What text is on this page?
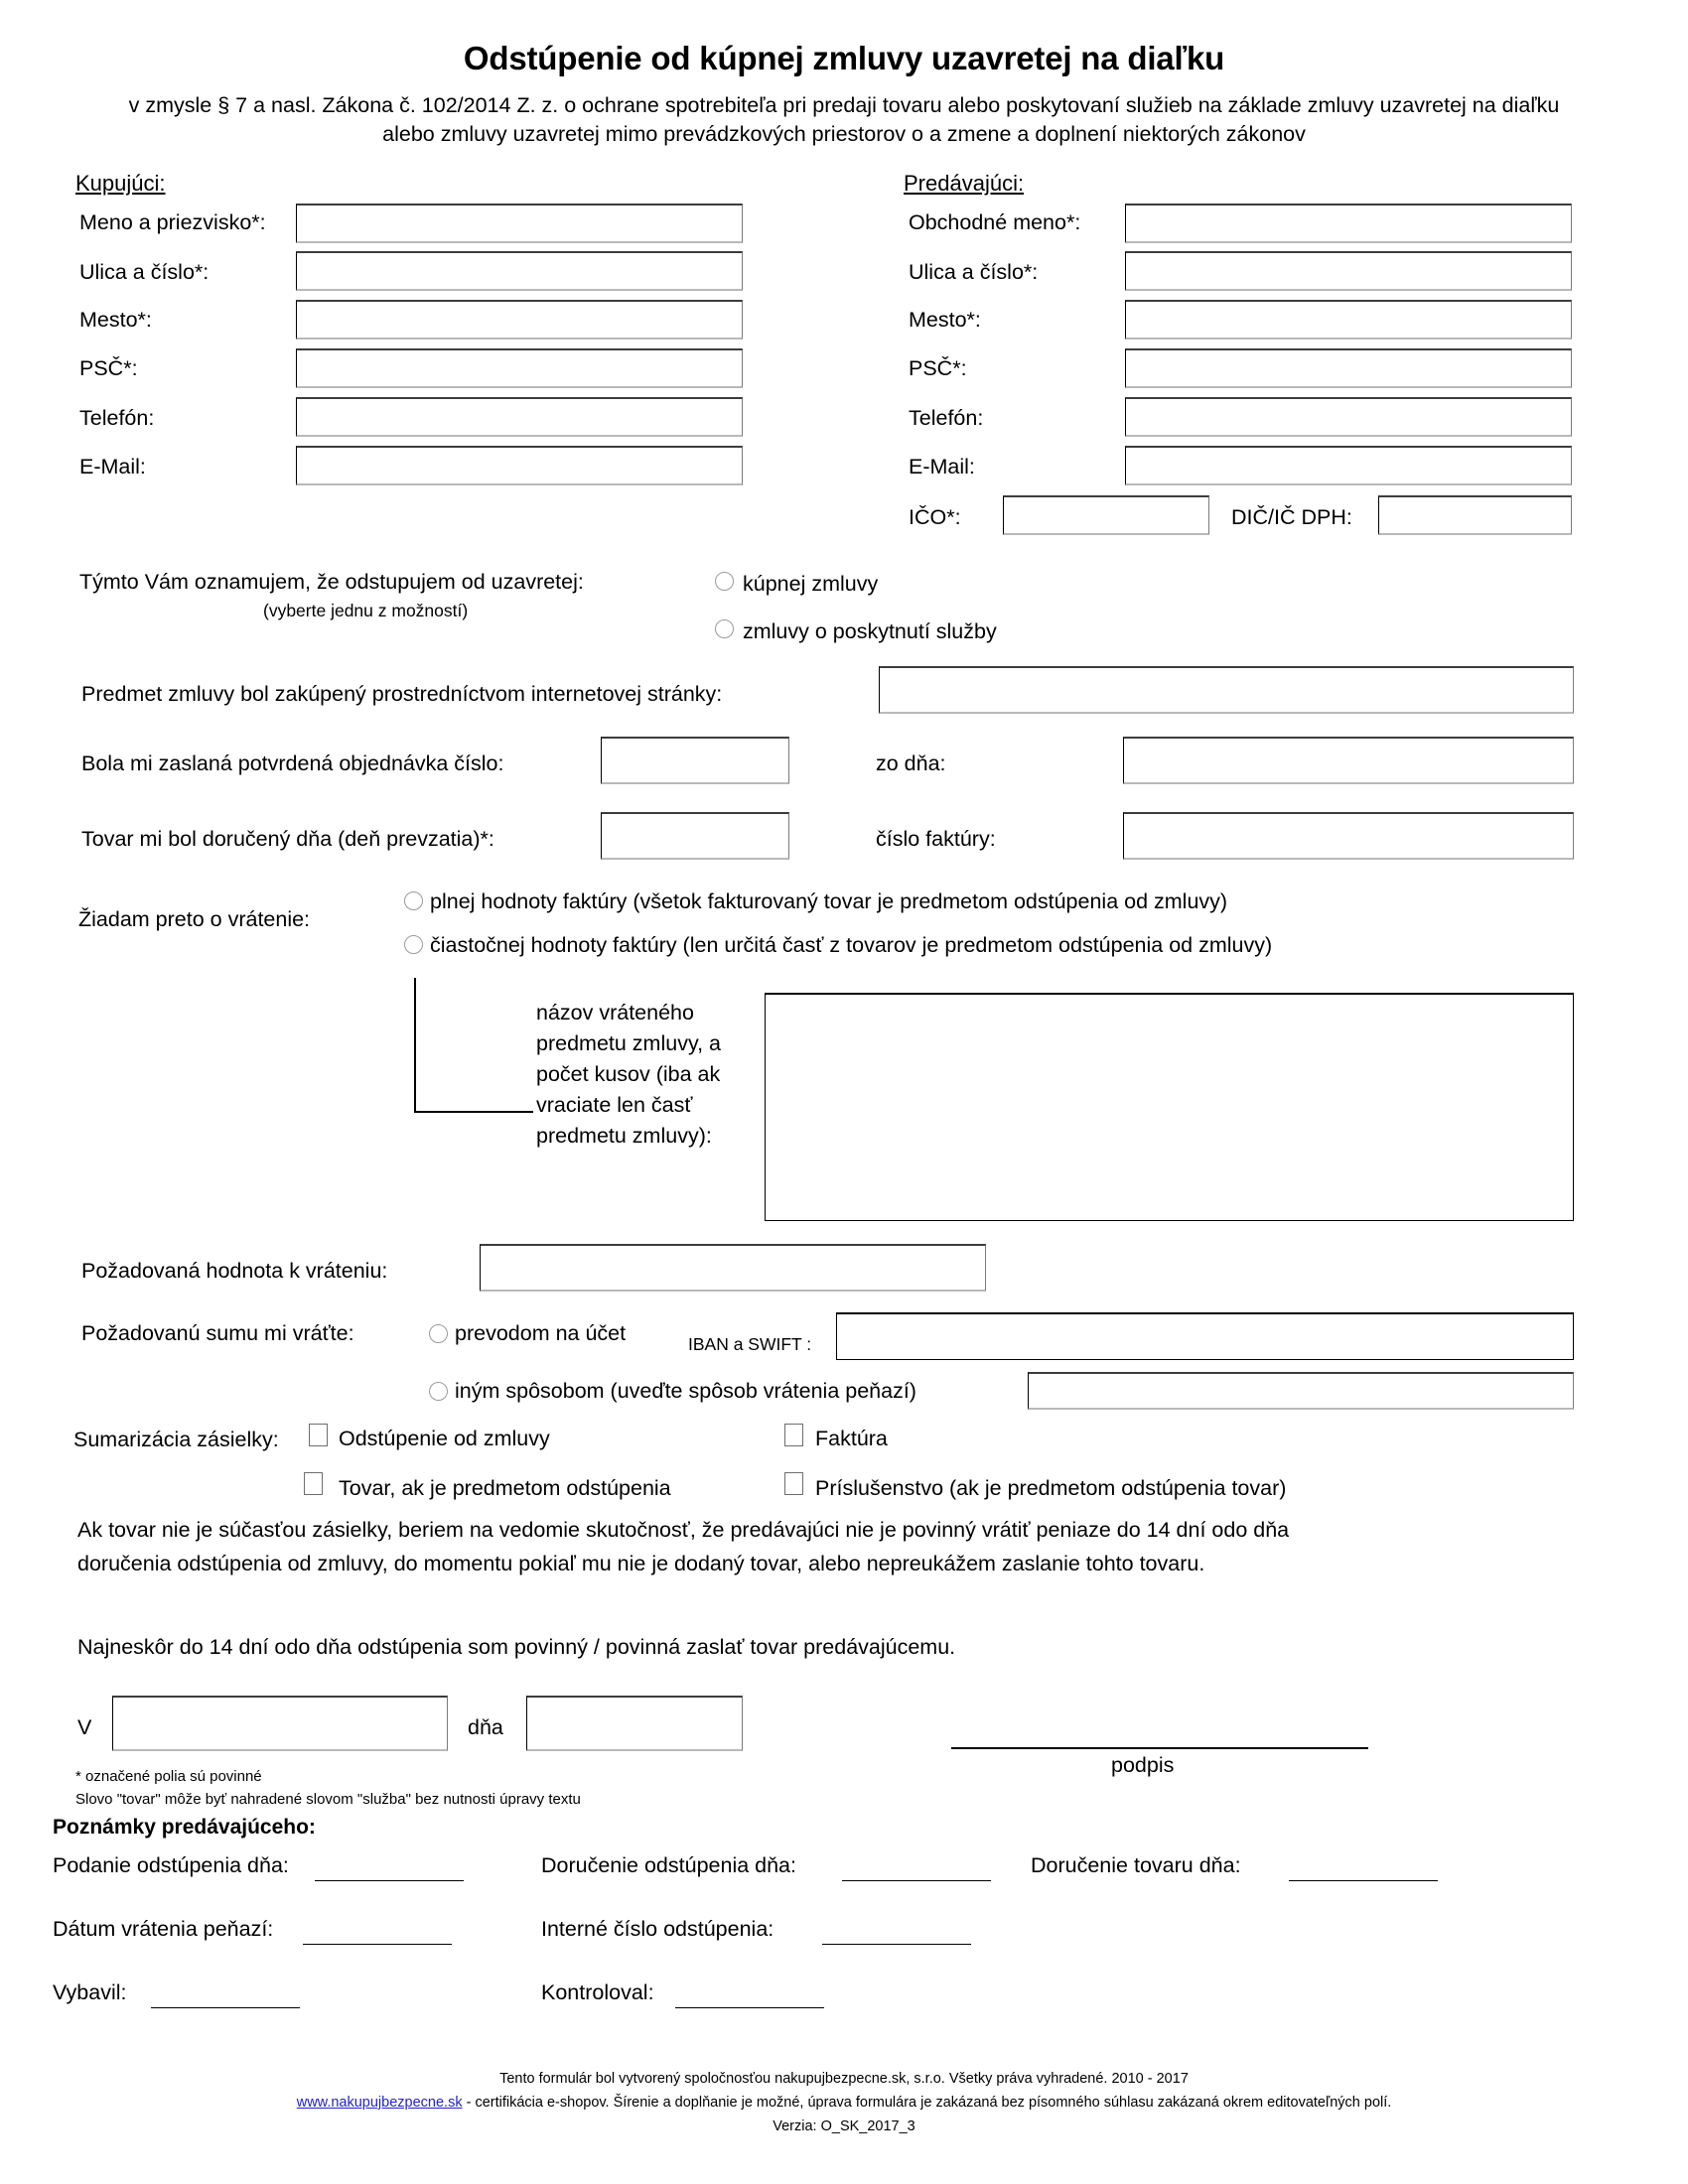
Odstúpenie od kúpnej zmluvy uzavretej na diaľku
v zmysle § 7 a nasl. Zákona č. 102/2014 Z. z. o ochrane spotrebiteľa pri predaji tovaru alebo poskytovaní služieb na základe zmluvy uzavretej na diaľku
alebo zmluvy uzavretej mimo prevádzkových priestorov o a zmene a doplnení niektorých zákonov
Kupujúci:
Meno a priezvisko*:
Ulica a číslo*:
Mesto*:
PSČ*:
Telefón:
E-Mail:
Predávajúci:
Obchodné meno*:
Ulica a číslo*:
Mesto*:
PSČ*:
Telefón:
E-Mail:
IČO*:	DIČ/IČ DPH:
Týmto Vám oznamujem, že odstupujem od uzavretej:
(vyberte jednu z možností)
kúpnej zmluvy
zmluvy o poskytnutí služby
Predmet zmluvy bol zakúpený prostredníctvom internetovej stránky:
Bola mi zaslaná potvrdená objednávka číslo:	zo dňa:
Tovar mi bol doručený dňa (deň prevzatia)*:	číslo faktúry:
Žiadam preto o vrátenie:
plnej hodnoty faktúry (všetok fakturovaný tovar je predmetom odstúpenia od zmluvy)
čiastočnej hodnoty faktúry (len určitá časť z tovarov je predmetom odstúpenia od zmluvy)
názov vráteného predmetu zmluvy, a počet kusov (iba ak vraciate len časť predmetu zmluvy):
Požadovaná hodnota k vráteniu:
Požadovanú sumu mi vráťte:	prevodom na účet	IBAN a SWIFT :
iným spôsobom (uveďte spôsob vrátenia peňazí)
Sumarizácia zásielky:	Odstúpenie od zmluvy	Faktúra
Tovar, ak je predmetom odstúpenia	Príslušenstvo (ak je predmetom odstúpenia tovar)
Ak tovar nie je súčasťou zásielky, beriem na vedomie skutočnosť, že predávajúci nie je povinný vrátiť peniaze do 14 dní odo dňa
doručenia odstúpenia od zmluvy, do momentu pokiaľ mu nie je dodaný tovar, alebo nepreukážem zaslanie tohto tovaru.
Najneskôr do 14 dní odo dňa odstúpenia som povinný / povinná zaslať tovar predávajúcemu.
V	dňa
podpis
* označené polia sú povinné
Slovo "tovar" môže byť nahradené slovom "služba" bez nutnosti úpravy textu
Poznámky predávajúceho:
Podanie odstúpenia dňa:	Doručenie odstúpenia dňa:	Doručenie tovaru dňa:
Dátum vrátenia peňazí:	Interné číslo odstúpenia:
Vybavil:	Kontroloval:
Tento formulár bol vytvorený spoločnosťou nakupujbezpecne.sk, s.r.o. Všetky práva vyhradené. 2010 - 2017
www.nakupujbezpecne.sk - certifikácia e-shopov. Šírenie a doplňanie je možné, úprava formulára je zakázaná bez písomného súhlasu zakázaná okrem editovateľných polí.
Verzia: O_SK_2017_3
